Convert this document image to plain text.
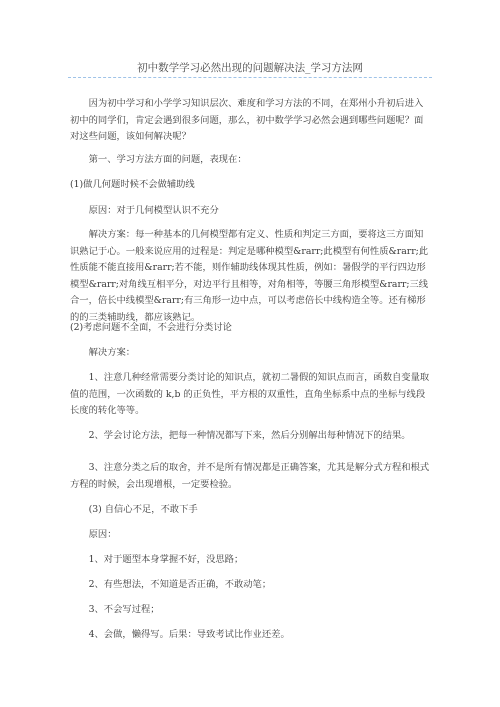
初中数学学习必然出现的问题解决法_学习方法网

因为初中学习和小学学习知识层次、难度和学习方法的不同，在郑州小升初后进入初中的同学们，肯定会遇到很多问题，那么，初中数学学习必然会遇到哪些问题呢？面对这些问题，该如何解决呢？

第一、学习方法方面的问题，表现在：

(1)做几何题时候不会做辅助线

原因：对于几何模型认识不充分

解决方案：每一种基本的几何模型都有定义、性质和判定三方面，要将这三方面知识熟记于心。一般来说应用的过程是：判定是哪种模型&rarr;此模型有何性质&rarr;此性质能不能直接用&rarr;若不能，则作辅助线体现其性质，例如：暑假学的平行四边形模型&rarr;对角线互相平分，对边平行且相等，对角相等，等腰三角形模型&rarr;三线合一，倍长中线模型&rarr;有三角形一边中点，可以考虑倍长中线构造全等。还有梯形的的三类辅助线，都应该熟记。

(2)考虑问题不全面，不会进行分类讨论

解决方案：

1、注意几种经常需要分类讨论的知识点，就初二暑假的知识点而言，函数自变量取值的范围，一次函数的 k,b 的正负性，平方根的双重性，直角坐标系中点的坐标与线段长度的转化等等。

2、学会讨论方法，把每一种情况都写下来，然后分别解出每种情况下的结果。

3、注意分类之后的取舍，并不是所有情况都是正确答案，尤其是解分式方程和根式方程的时候，会出现增根，一定要检验。

(3) 自信心不足，不敢下手

原因：

1、对于题型本身掌握不好，没思路；

2、有些想法，不知道是否正确，不敢动笔；

3、不会写过程；

4、会做，懒得写。后果：导致考试比作业还差。
